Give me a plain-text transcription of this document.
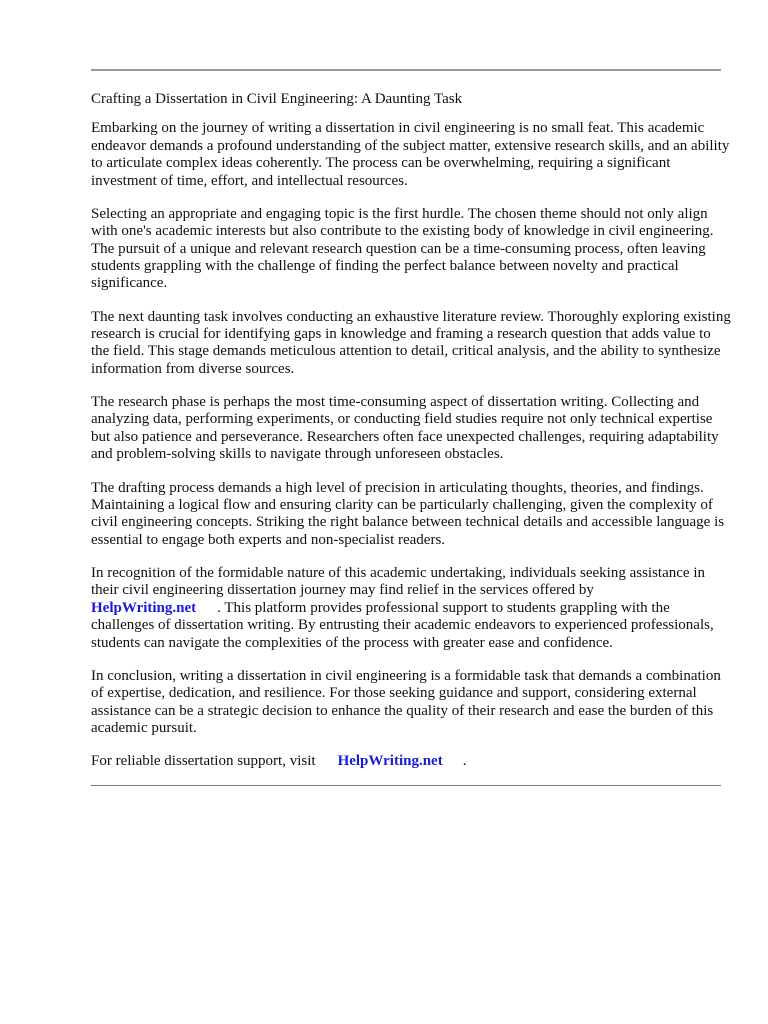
Crafting a Dissertation in Civil Engineering: A Daunting Task

Embarking on the journey of writing a dissertation in civil engineering is no small feat. This academic endeavor demands a profound understanding of the subject matter, extensive research skills, and an ability to articulate complex ideas coherently. The process can be overwhelming, requiring a significant investment of time, effort, and intellectual resources.

Selecting an appropriate and engaging topic is the first hurdle. The chosen theme should not only align with one's academic interests but also contribute to the existing body of knowledge in civil engineering. The pursuit of a unique and relevant research question can be a time-consuming process, often leaving students grappling with the challenge of finding the perfect balance between novelty and practical significance.

The next daunting task involves conducting an exhaustive literature review. Thoroughly exploring existing research is crucial for identifying gaps in knowledge and framing a research question that adds value to the field. This stage demands meticulous attention to detail, critical analysis, and the ability to synthesize information from diverse sources.

The research phase is perhaps the most time-consuming aspect of dissertation writing. Collecting and analyzing data, performing experiments, or conducting field studies require not only technical expertise but also patience and perseverance. Researchers often face unexpected challenges, requiring adaptability and problem-solving skills to navigate through unforeseen obstacles.

The drafting process demands a high level of precision in articulating thoughts, theories, and findings. Maintaining a logical flow and ensuring clarity can be particularly challenging, given the complexity of civil engineering concepts. Striking the right balance between technical details and accessible language is essential to engage both experts and non-specialist readers.

In recognition of the formidable nature of this academic undertaking, individuals seeking assistance in their civil engineering dissertation journey may find relief in the services offered by
HelpWriting.net . This platform provides professional support to students grappling with the challenges of dissertation writing. By entrusting their academic endeavors to experienced professionals, students can navigate the complexities of the process with greater ease and confidence.

In conclusion, writing a dissertation in civil engineering is a formidable task that demands a combination of expertise, dedication, and resilience. For those seeking guidance and support, considering external assistance can be a strategic decision to enhance the quality of their research and ease the burden of this academic pursuit.

For reliable dissertation support, visit HelpWriting.net .
